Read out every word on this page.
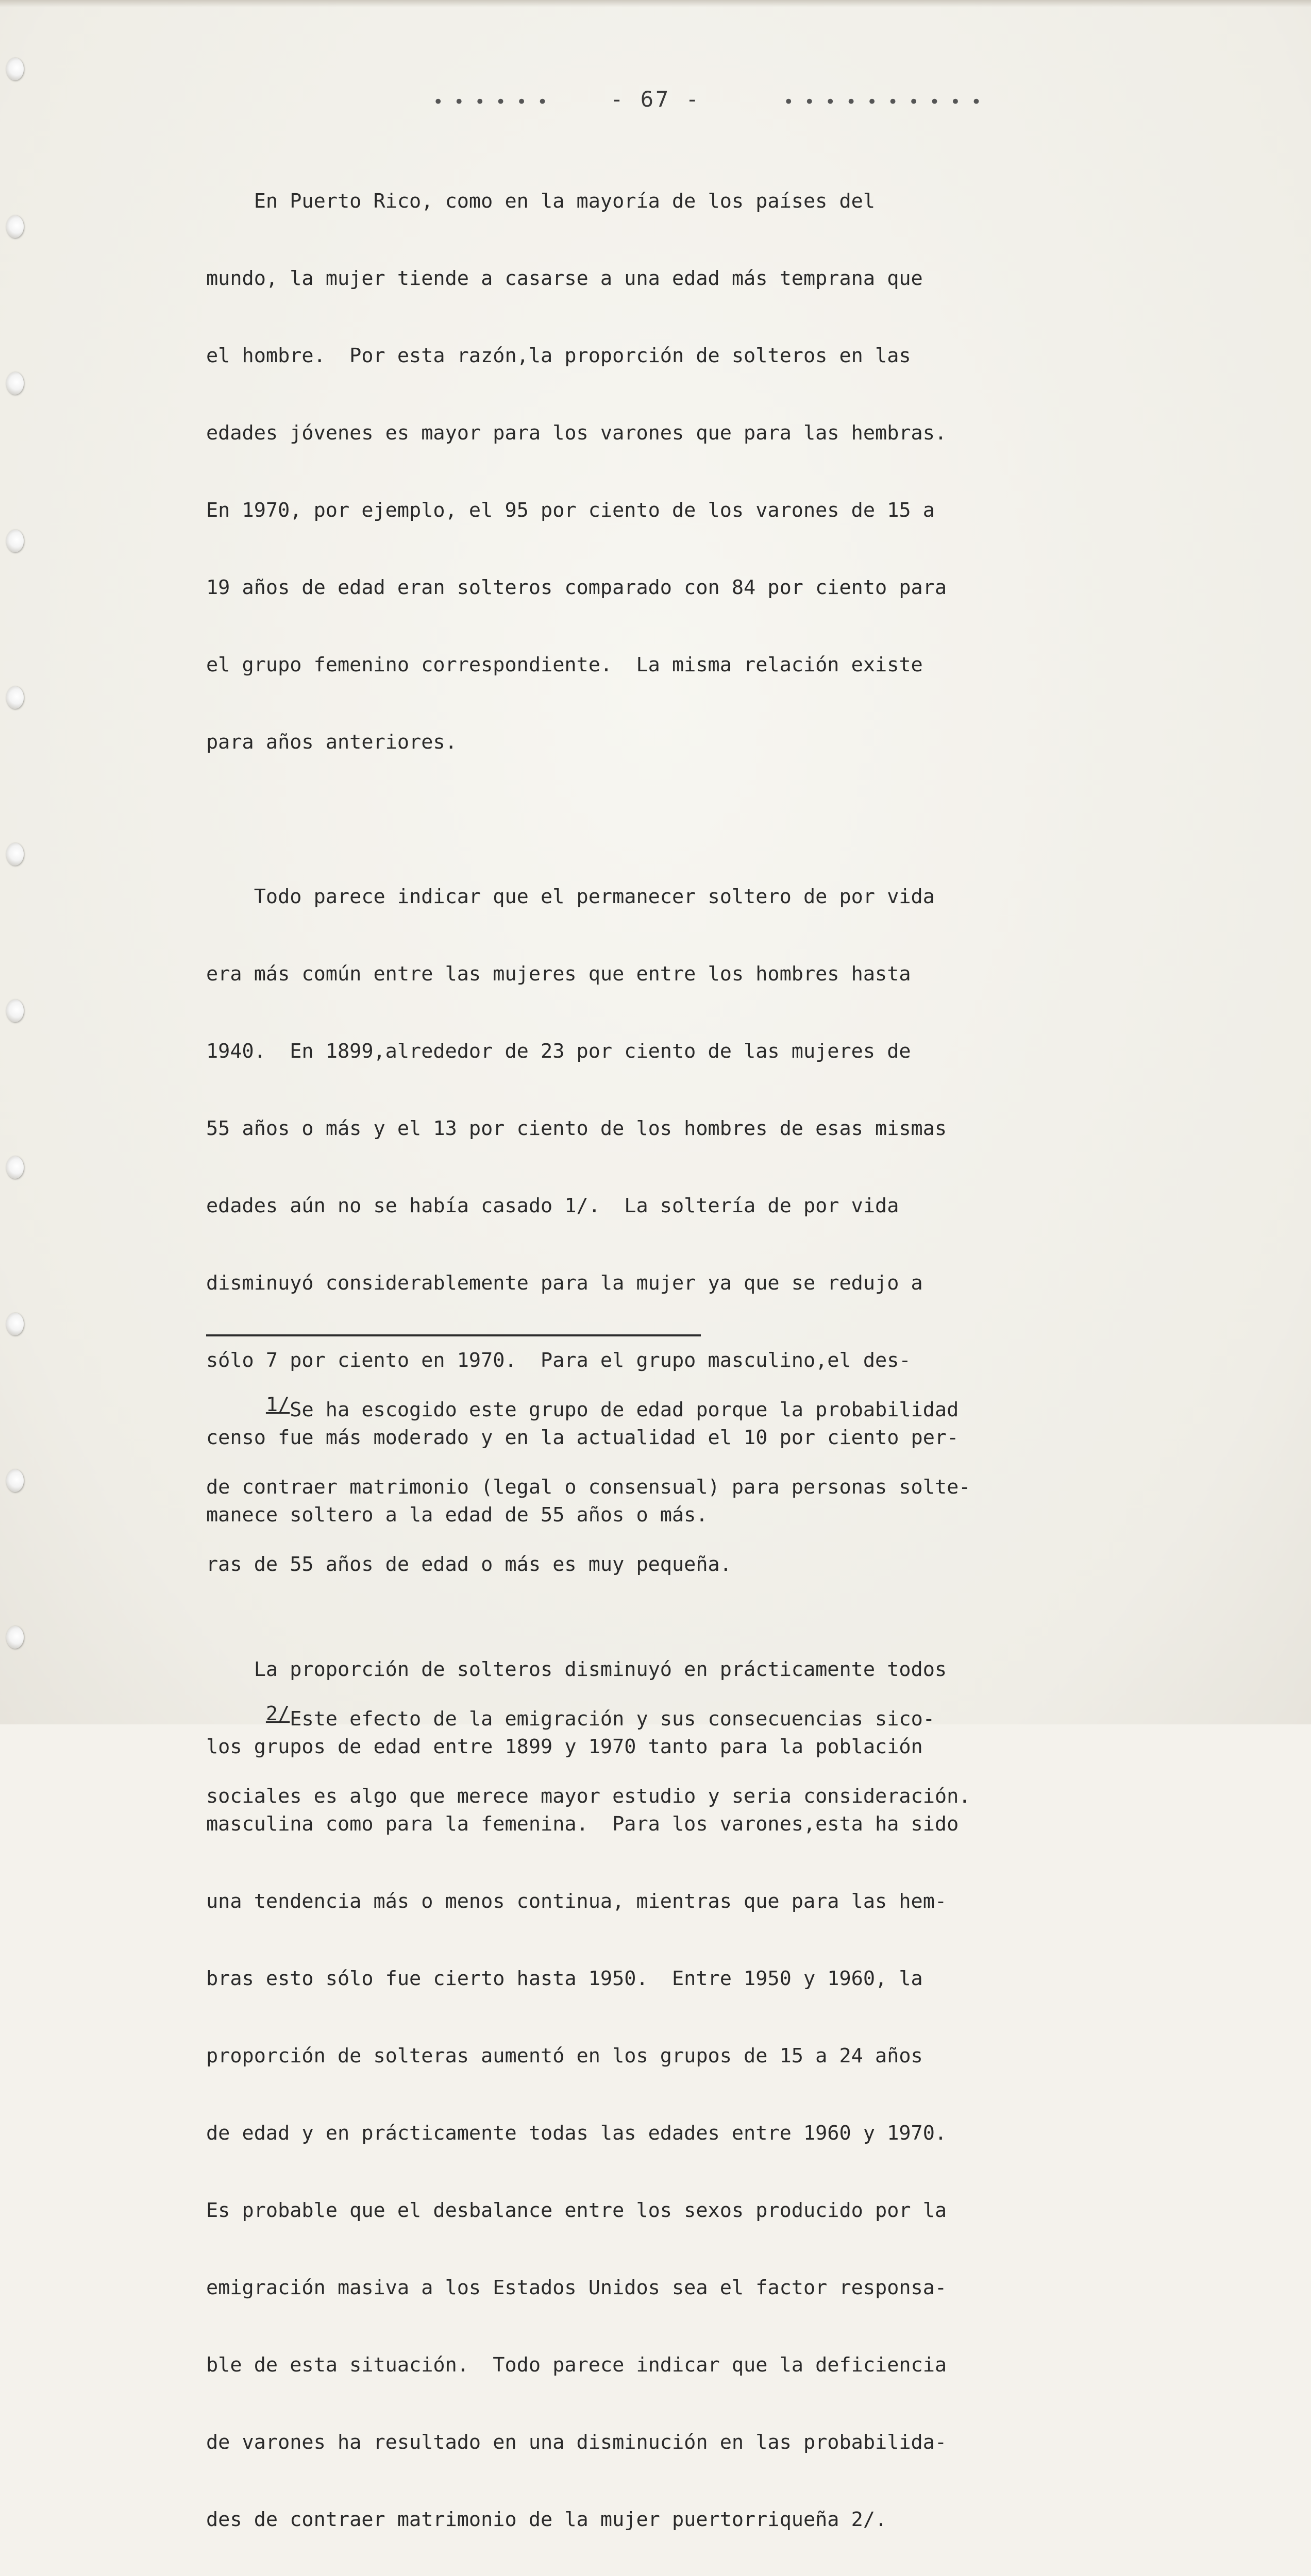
••••••	- 67 -	••••••••••

En Puerto Rico, como en la mayoría de los países del

mundo, la mujer tiende a casarse a una edad más temprana que

el hombre.  Por esta razón,la proporción de solteros en las

edades jóvenes es mayor para los varones que para las hembras.

En 1970, por ejemplo, el 95 por ciento de los varones de 15 a

19 años de edad eran solteros comparado con 84 por ciento para

el grupo femenino correspondiente.  La misma relación existe

para años anteriores.

Todo parece indicar que el permanecer soltero de por vida

era más común entre las mujeres que entre los hombres hasta

1940.  En 1899,alrededor de 23 por ciento de las mujeres de

55 años o más y el 13 por ciento de los hombres de esas mismas

edades aún no se había casado 1/.  La soltería de por vida

disminuyó considerablemente para la mujer ya que se redujo a

sólo 7 por ciento en 1970.  Para el grupo masculino,el des-

censo fue más moderado y en la actualidad el 10 por ciento per-

manece soltero a la edad de 55 años o más.

La proporción de solteros disminuyó en prácticamente todos

los grupos de edad entre 1899 y 1970 tanto para la población

masculina como para la femenina.  Para los varones,esta ha sido

una tendencia más o menos continua, mientras que para las hem-

bras esto sólo fue cierto hasta 1950.  Entre 1950 y 1960, la

proporción de solteras aumentó en los grupos de 15 a 24 años

de edad y en prácticamente todas las edades entre 1960 y 1970.

Es probable que el desbalance entre los sexos producido por la

emigración masiva a los Estados Unidos sea el factor responsa-

ble de esta situación.  Todo parece indicar que la deficiencia

de varones ha resultado en una disminución en las probabilida-

des de contraer matrimonio de la mujer puertorriqueña 2/.

1/Se ha escogido este grupo de edad porque la probabilidad

de contraer matrimonio (legal o consensual) para personas solte-

ras de 55 años de edad o más es muy pequeña.

2/Este efecto de la emigración y sus consecuencias sico-

sociales es algo que merece mayor estudio y seria consideración.
